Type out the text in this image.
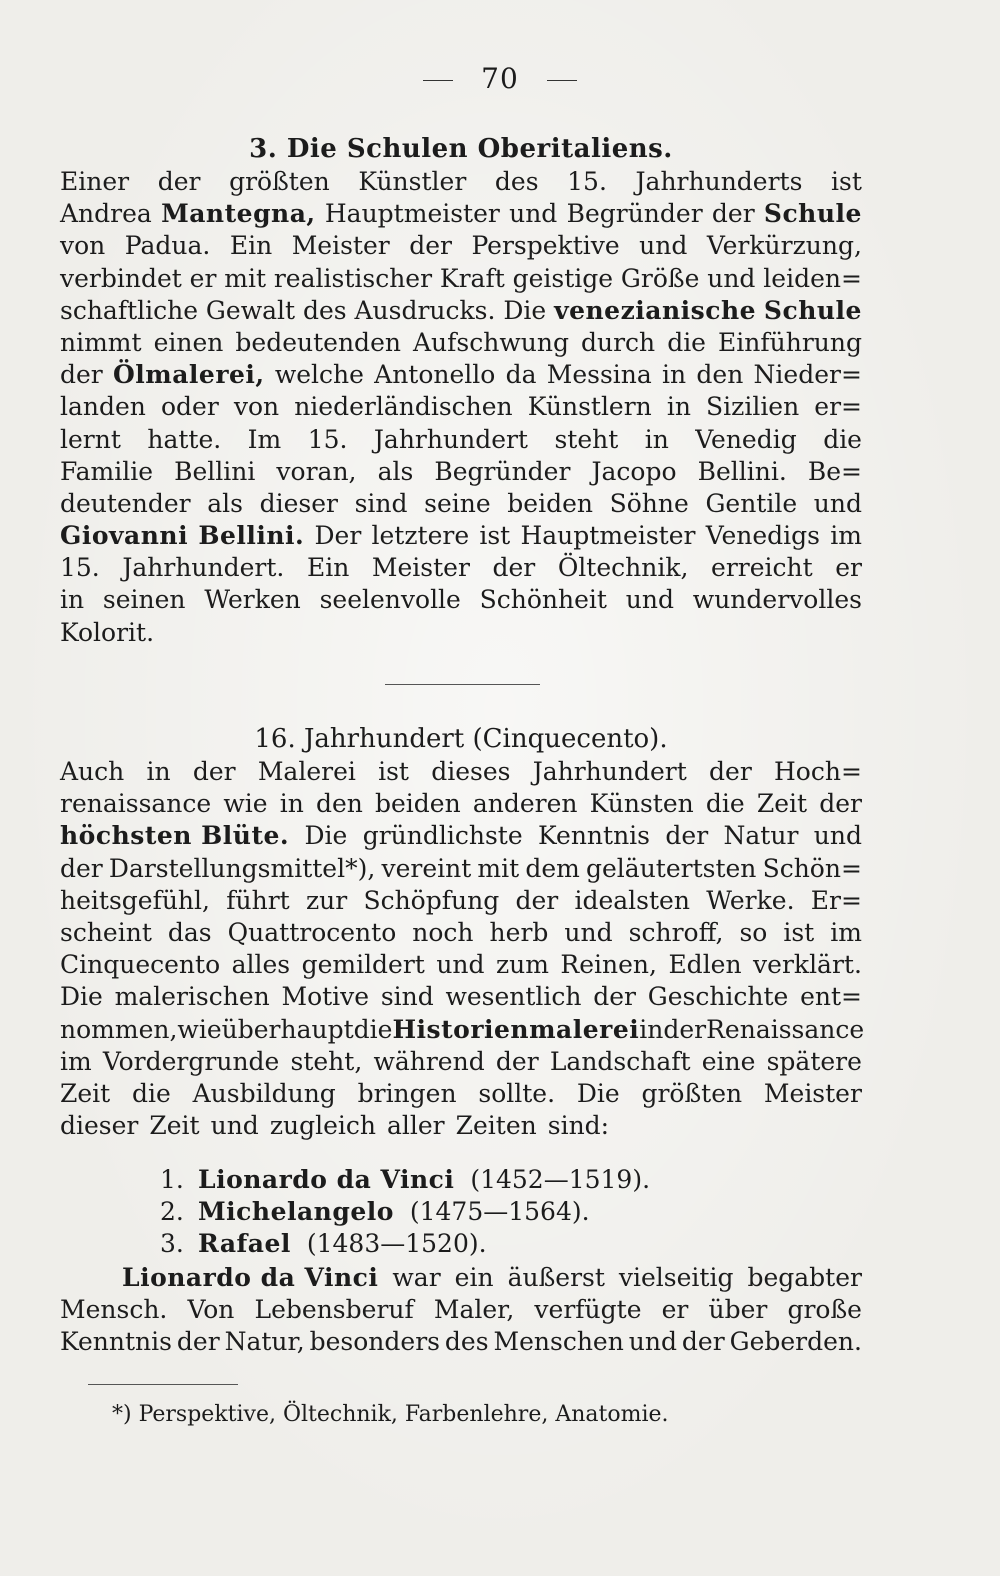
70
3. Die Schulen Oberitaliens.
Einer der größten Künstler des 15. Jahrhunderts ist
Andrea Mantegna, Hauptmeister und Begründer der Schule
von Padua. Ein Meister der Perspektive und Verkürzung,
verbindet er mit realistischer Kraft geistige Größe und leiden=
schaftliche Gewalt des Ausdrucks. Die venezianische Schule
nimmt einen bedeutenden Aufschwung durch die Einführung
der Ölmalerei, welche Antonello da Messina in den Nieder=
landen oder von niederländischen Künstlern in Sizilien er=
lernt hatte. Im 15. Jahrhundert steht in Venedig die
Familie Bellini voran, als Begründer Jacopo Bellini. Be=
deutender als dieser sind seine beiden Söhne Gentile und
Giovanni Bellini. Der letztere ist Hauptmeister Venedigs im
15. Jahrhundert. Ein Meister der Öltechnik, erreicht er
in seinen Werken seelenvolle Schönheit und wundervolles
Kolorit.
16. Jahrhundert (Cinquecento).
Auch in der Malerei ist dieses Jahrhundert der Hoch=
renaissance wie in den beiden anderen Künsten die Zeit der
höchsten Blüte. Die gründlichste Kenntnis der Natur und
der Darstellungsmittel*), vereint mit dem geläutertsten Schön=
heitsgefühl, führt zur Schöpfung der idealsten Werke. Er=
scheint das Quattrocento noch herb und schroff, so ist im
Cinquecento alles gemildert und zum Reinen, Edlen verklärt.
Die malerischen Motive sind wesentlich der Geschichte ent=
nommen, wie überhaupt die Historienmalerei in der Renaissance
im Vordergrunde steht, während der Landschaft eine spätere
Zeit die Ausbildung bringen sollte. Die größten Meister
dieser Zeit und zugleich aller Zeiten sind:
1. Lionardo da Vinci (1452—1519).
2. Michelangelo (1475—1564).
3. Rafael (1483—1520).
Lionardo da Vinci war ein äußerst vielseitig begabter
Mensch. Von Lebensberuf Maler, verfügte er über große
Kenntnis der Natur, besonders des Menschen und der Geberden.
*) Perspektive, Öltechnik, Farbenlehre, Anatomie.
